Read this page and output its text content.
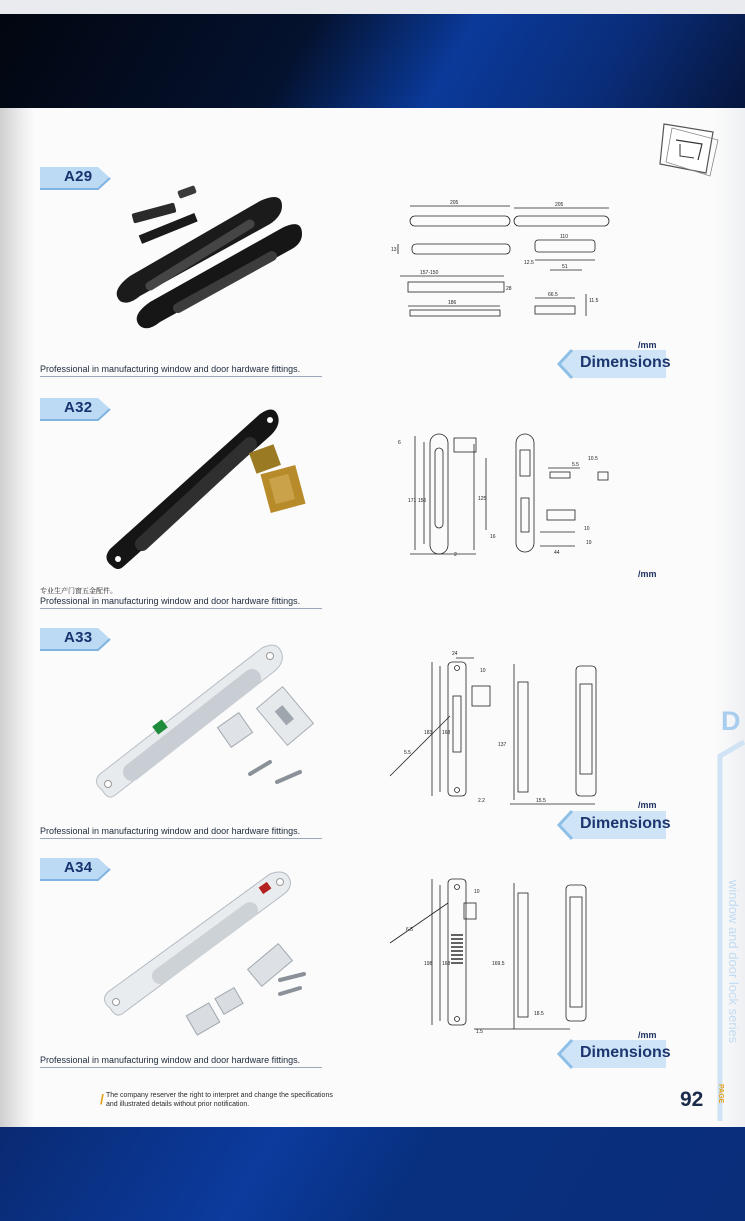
A29
205	205
13
110
12.5
51
157-150
28
186
66.5
11.5
/mm
Professional in manufacturing window and door hardware fittings.	Dimensions
A32
6
171 156	125
2
16
5.5
10.5
10
19
44
/mm
专业生产门窗五金配件。
Professional in manufacturing window and door hardware fittings.
A33
24
10
5.5
183 168
137
15.5
2.2	/mm
Professional in manufacturing window and door hardware fittings.	Dimensions
A34
10
6.5
198 168	169.5
18.5
1.5	/mm
Professional in manufacturing window and door hardware fittings.	Dimensions
D
window and door lock series
PAGE
/ The company reserver the right to interpret and change the specifications
and illustrated details without prior notification.	92
